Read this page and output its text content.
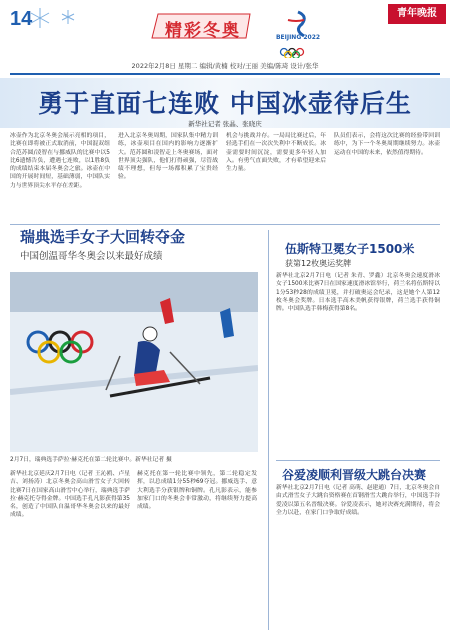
14
精彩冬奥	BEIJING 2022
青年晚报
2022年2月8日 星期二 编辑/黄楠 校对/王丽 美编/陈琦 设计/张华
勇于直面七连败 中国冰壶待后生
新华社记者 张晶、张晓庆
冰壶作为北京冬奥会展示亮相的项目，比赛在即将被正式取消前，中国混双组合范苏圆/凌智在与挪威队的比赛中以5比6遗憾告负，遭遇七连败，以1胜8负的成绩结束本届冬奥会之旅。冰壶在中国的开展时间短，基础薄弱，中国队实力与世界顶尖水平存在差距。
进入北京冬奥周期，国家队集中精力训练，冰壶项目在国内的影响力逐渐扩大。范苏圆和凌智走上冬奥赛场，面对世界顶尖强队，他们打得顽强，尽管战绩不理想，但每一场都积累了宝贵经验。
机会与挑战并存。一局局比赛过后，年轻选手们在一次次失利中不断成长。冰壶需要时间沉淀，需要更多年轻人加入。有勇气直面失败，才有希望迎来后生力量。
队员们表示，会将这次比赛的经验带回训练中，为下一个冬奥周期继续努力。冰壶运动在中国的未来，依然值得期待。
瑞典选手女子大回转夺金
中国创温哥华冬奥会以来最好成绩
2月7日，瑞典选手萨拉·赫克托在第二轮比赛中。新华社记者 摄
新华社北京延庆2月7日电（记者 王沁鸥、卢星吉、刘扬涛）北京冬奥会高山滑雪女子大回转比赛7日在国家高山滑雪中心举行，瑞典选手萨拉·赫克托夺得金牌。中国选手孔凡影获得第35名，创造了中国队自温哥华冬奥会以来的最好成绩。
赫克托在第一轮比赛中领先，第二轮稳定发挥，以总成绩1分55秒69夺冠。挪威选手、意大利选手分获银牌和铜牌。孔凡影表示，能参加家门口的冬奥会非常激动，将继续努力提高成绩。
伍斯特卫冕女子1500米
获第12枚奥运奖牌
新华社北京2月7日电（记者 朱青、罗鑫）北京冬奥会速度滑冰女子1500米比赛7日在国家速度滑冰馆举行，荷兰名将伍斯特以1分53秒28的成绩卫冕，并打破奥运会纪录，这是她个人第12枚冬奥会奖牌。日本选手高木美帆获得银牌，荷兰选手获得铜牌。中国队选手韩梅获得第8名。
谷爱凌顺利晋级大跳台决赛
新华社北京2月7日电（记者 高萌、赵建通）7日，北京冬奥会自由式滑雪女子大跳台资格赛在首钢滑雪大跳台举行，中国选手谷爱凌以第五名晋级决赛。谷爱凌表示，她对决赛充满期待，将会全力以赴，在家门口争取好成绩。
